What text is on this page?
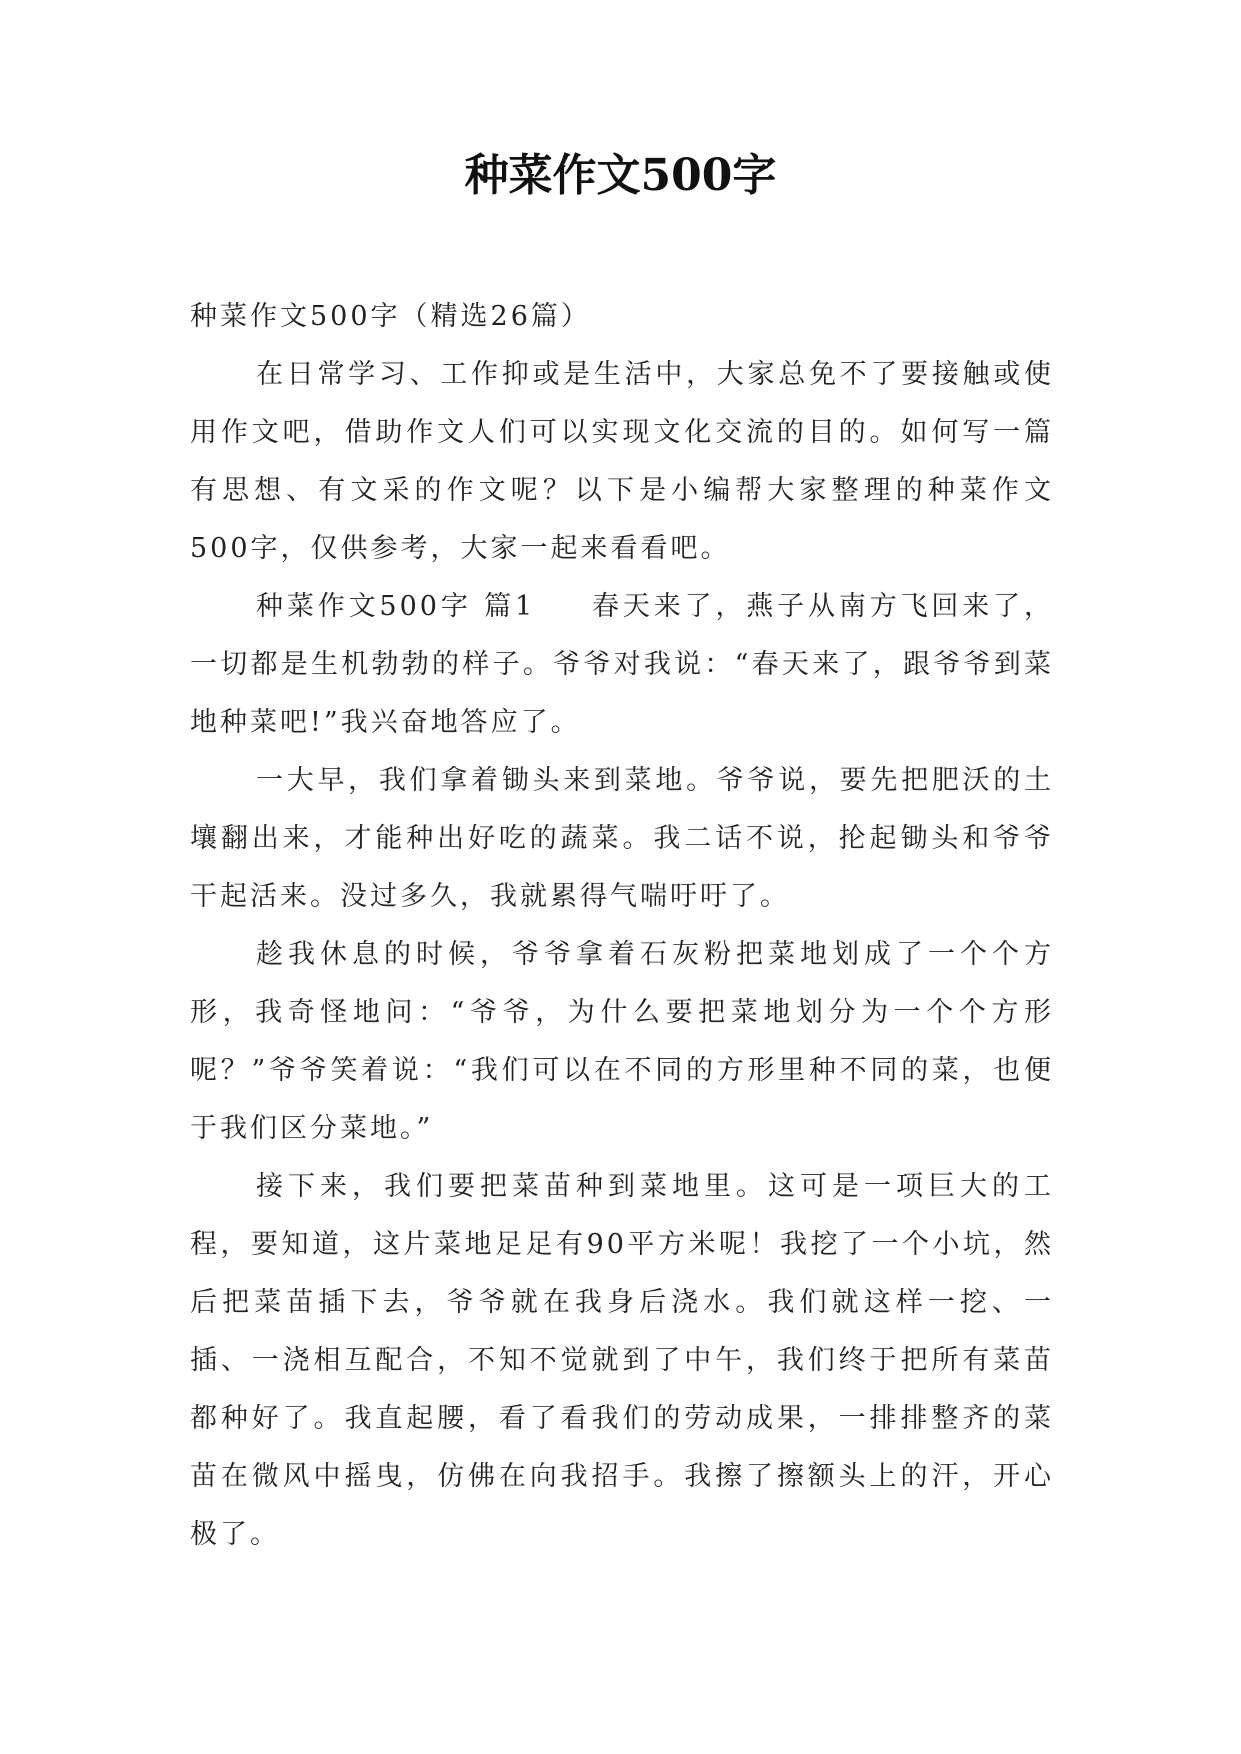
种菜作文500字

种菜作文500字（精选26篇）

在日常学习、工作抑或是生活中，大家总免不了要接触或使用作文吧，借助作文人们可以实现文化交流的目的。如何写一篇有思想、有文采的作文呢？以下是小编帮大家整理的种菜作文500字，仅供参考，大家一起来看看吧。

种菜作文500字 篇1 春天来了，燕子从南方飞回来了，一切都是生机勃勃的样子。爷爷对我说：“春天来了，跟爷爷到菜地种菜吧!”我兴奋地答应了。

一大早，我们拿着锄头来到菜地。爷爷说，要先把肥沃的土壤翻出来，才能种出好吃的蔬菜。我二话不说，抡起锄头和爷爷干起活来。没过多久，我就累得气喘吁吁了。

趁我休息的时候，爷爷拿着石灰粉把菜地划成了一个个方形，我奇怪地问：“爷爷，为什么要把菜地划分为一个个方形呢？”爷爷笑着说：“我们可以在不同的方形里种不同的菜，也便于我们区分菜地。”

接下来，我们要把菜苗种到菜地里。这可是一项巨大的工程，要知道，这片菜地足足有90平方米呢！我挖了一个小坑，然后把菜苗插下去，爷爷就在我身后浇水。我们就这样一挖、一插、一浇相互配合，不知不觉就到了中午，我们终于把所有菜苗都种好了。我直起腰，看了看我们的劳动成果，一排排整齐的菜苗在微风中摇曳，仿佛在向我招手。我擦了擦额头上的汗，开心极了。
